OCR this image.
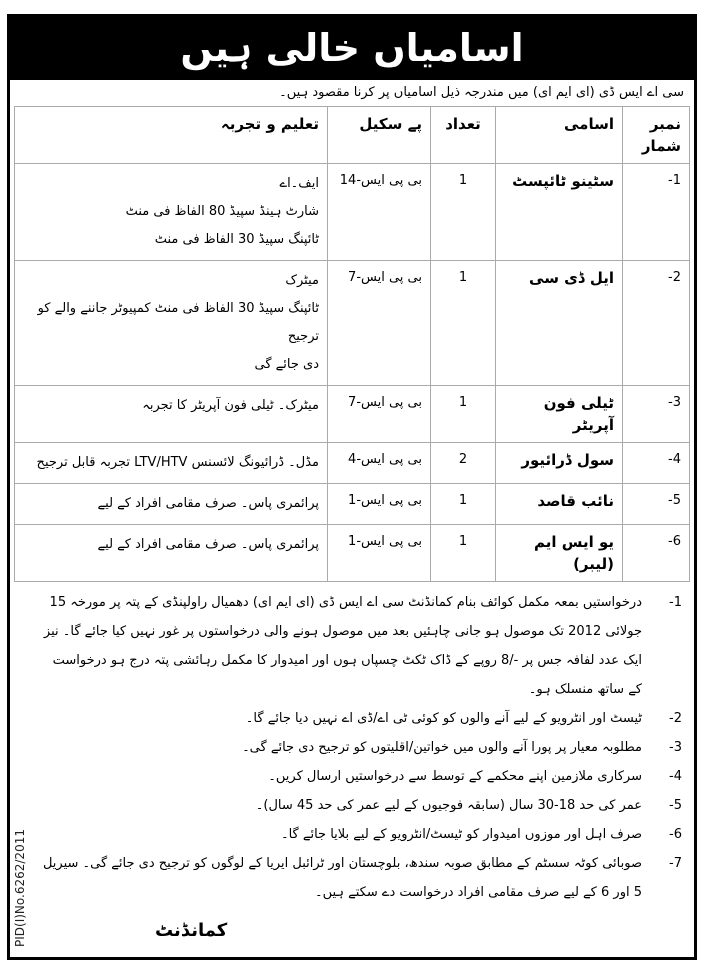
اسامیاں خالی ہیں
سی اے ایس ڈی (ای ایم ای) میں مندرجہ ذیل اسامیاں پر کرنا مقصود ہیں۔
نمبر شمار	اسامی	تعداد	پے سکیل	تعلیم و تجربہ
-1	سٹینو ٹائپسٹ	1	بی پی ایس-14	ایف۔اے
شارٹ ہینڈ سپیڈ 80 الفاظ فی منٹ
ٹائپنگ سپیڈ 30 الفاظ فی منٹ

-2	ایل ڈی سی	1	بی پی ایس-7	میٹرک
ٹائپنگ سپیڈ 30 الفاظ فی منٹ کمپیوٹر جاننے والے کو ترجیح
دی جائے گی

-3	ٹیلی فون آپریٹر	1	بی پی ایس-7	میٹرک۔ ٹیلی فون آپریٹر کا تجربہ

-4	سول ڈرائیور	2	بی پی ایس-4	مڈل۔ ڈرائیونگ لائسنس LTV/HTV تجربہ قابل ترجیح

-5	نائب قاصد	1	بی پی ایس-1	پرائمری پاس۔ صرف مقامی افراد کے لیے

-6	یو ایس ایم (لیبر)	1	بی پی ایس-1	پرائمری پاس۔ صرف مقامی افراد کے لیے
-1
درخواستیں بمعہ مکمل کوائف بنام کمانڈنٹ سی اے ایس ڈی (ای ایم ای) دھمیال راولپنڈی کے پتہ پر مورخہ 15 جولائی 2012 تک موصول ہو جانی چاہئیں بعد میں موصول ہونے والی درخواستوں پر غور نہیں کیا جائے گا۔ نیز ایک عدد لفافہ جس پر -/8 روپے کے ڈاک ٹکٹ چسپاں ہوں اور امیدوار کا مکمل رہائشی پتہ درج ہو درخواست کے ساتھ منسلک ہو۔
-2
ٹیسٹ اور انٹرویو کے لیے آنے والوں کو کوئی ٹی اے/ڈی اے نہیں دیا جائے گا۔
-3
مطلوبہ معیار پر پورا آنے والوں میں خواتین/اقلیتوں کو ترجیح دی جائے گی۔
-4
سرکاری ملازمین اپنے محکمے کے توسط سے درخواستیں ارسال کریں۔
-5
عمر کی حد 18-30 سال (سابقہ فوجیوں کے لیے عمر کی حد 45 سال)۔
-6
صرف اہل اور موزوں امیدوار کو ٹیسٹ/انٹرویو کے لیے بلایا جائے گا۔
-7
صوبائی کوٹہ سسٹم کے مطابق صوبہ سندھ، بلوچستان اور ٹرائبل ایریا کے لوگوں کو ترجیح دی جائے گی۔ سیریل 5 اور 6 کے لیے صرف مقامی افراد درخواست دے سکتے ہیں۔
کمانڈنٹ
PID(I)No.6262/2011
